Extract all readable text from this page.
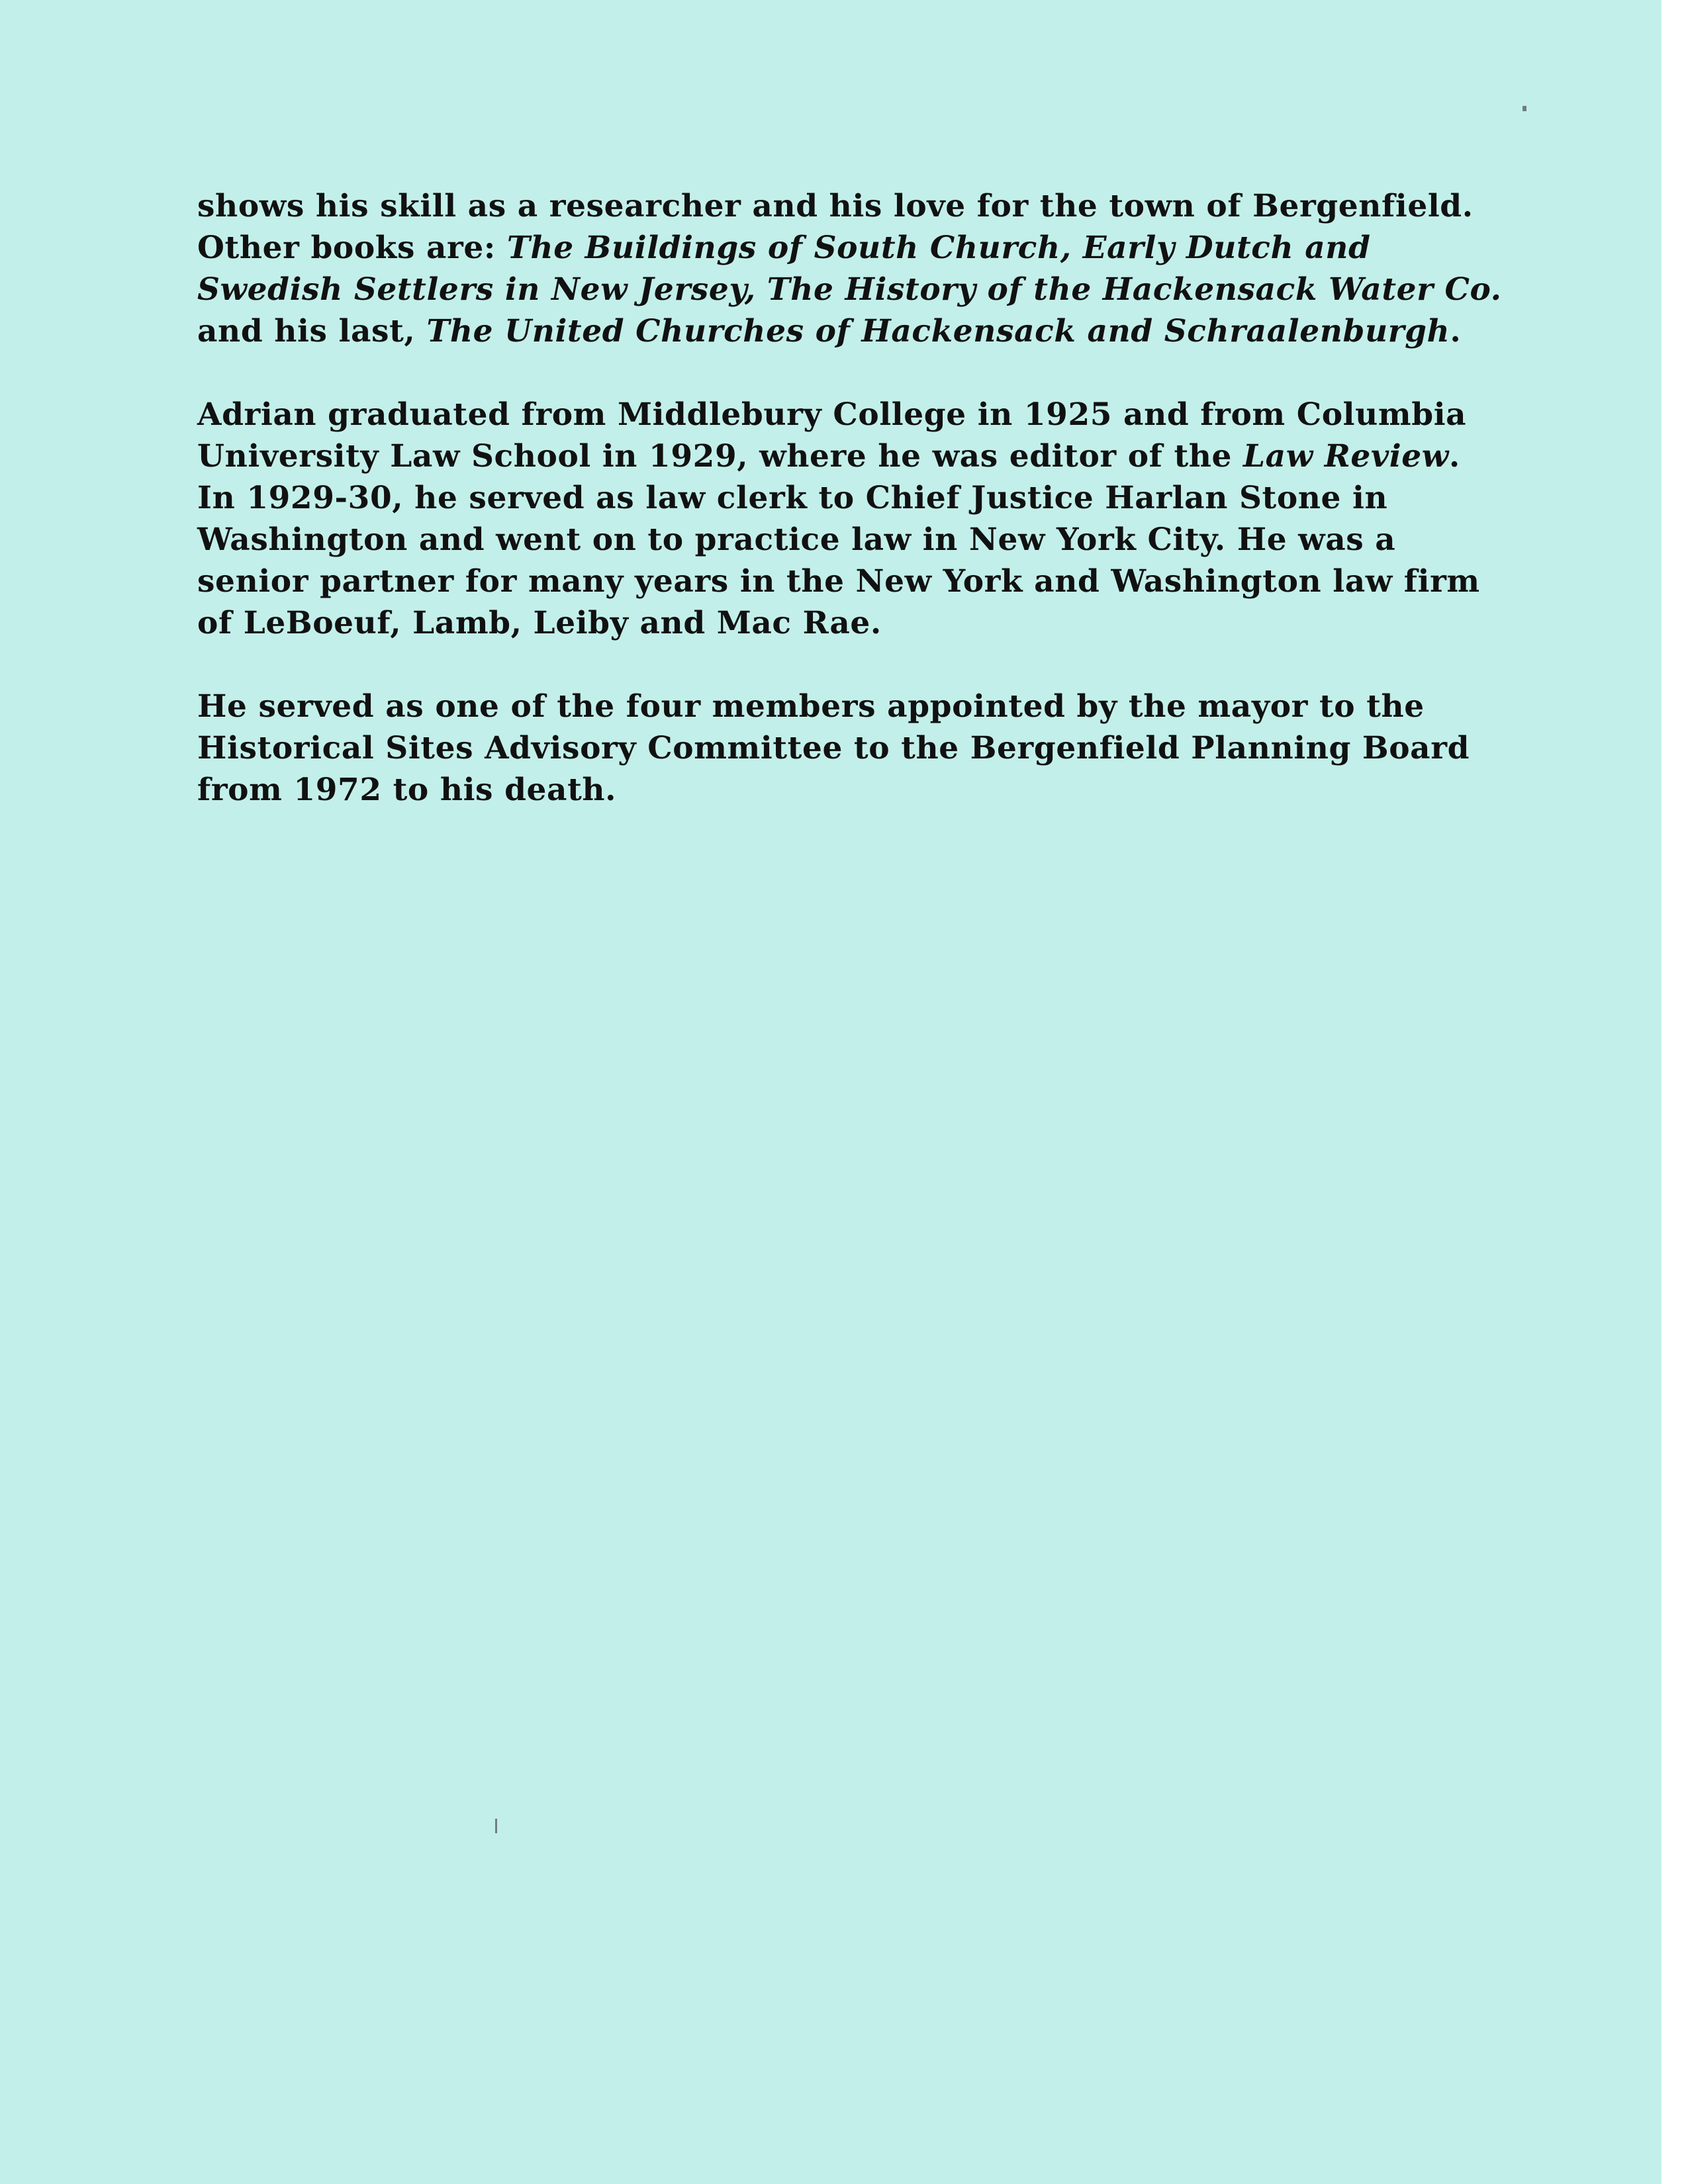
shows his skill as a researcher and his love for the town of Bergenfield. Other books are: The Buildings of South Church, Early Dutch and Swedish Settlers in New Jersey, The History of the Hackensack Water Co. and his last, The United Churches of Hackensack and Schraalenburgh.

Adrian graduated from Middlebury College in 1925 and from Columbia University Law School in 1929, where he was editor of the Law Review. In 1929-30, he served as law clerk to Chief Justice Harlan Stone in Washington and went on to practice law in New York City. He was a senior partner for many years in the New York and Washington law firm of LeBoeuf, Lamb, Leiby and Mac Rae.

He served as one of the four members appointed by the mayor to the Historical Sites Advisory Committee to the Bergenfield Planning Board from 1972 to his death.
